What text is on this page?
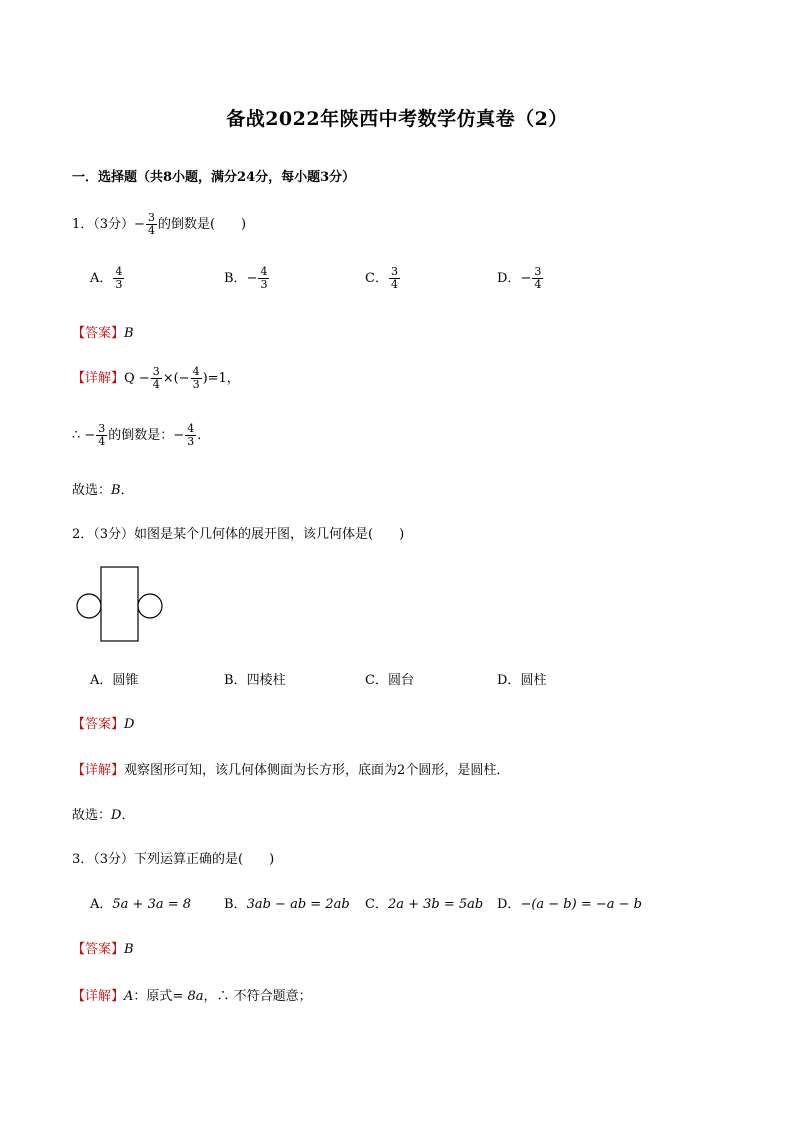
备战2022年陕西中考数学仿真卷（2）
一．选择题（共8小题，满分24分，每小题3分）
1．（3分）− $\frac{3}{4}$ 的倒数是(　　)
A． $\frac{4}{3}$	B．− $\frac{4}{3}$	C． $\frac{3}{4}$	D．− $\frac{3}{4}$
【答案】B
【详解】$Q - \frac{3}{4}$ ×(− $\frac{4}{3} )=1$，
∴ − $\frac{3}{4}$ 的倒数是：− $\frac{4}{3}$ ．
故选：B．
2．（3分）如图是某个几何体的展开图，该几何体是(　　)
A．圆锥	B．四棱柱	C．圆台	D．圆柱
【答案】D
【详解】观察图形可知，该几何体侧面为长方形，底面为2个圆形，是圆柱．
故选：D．
3．（3分）下列运算正确的是(　　)
A．5a + 3a = 8	B．3ab − ab = 2ab C．2a + 3b = 5ab D．−(a − b) = −a − b
【答案】B
【详解】A：原式= 8a，∴ 不符合题意；
